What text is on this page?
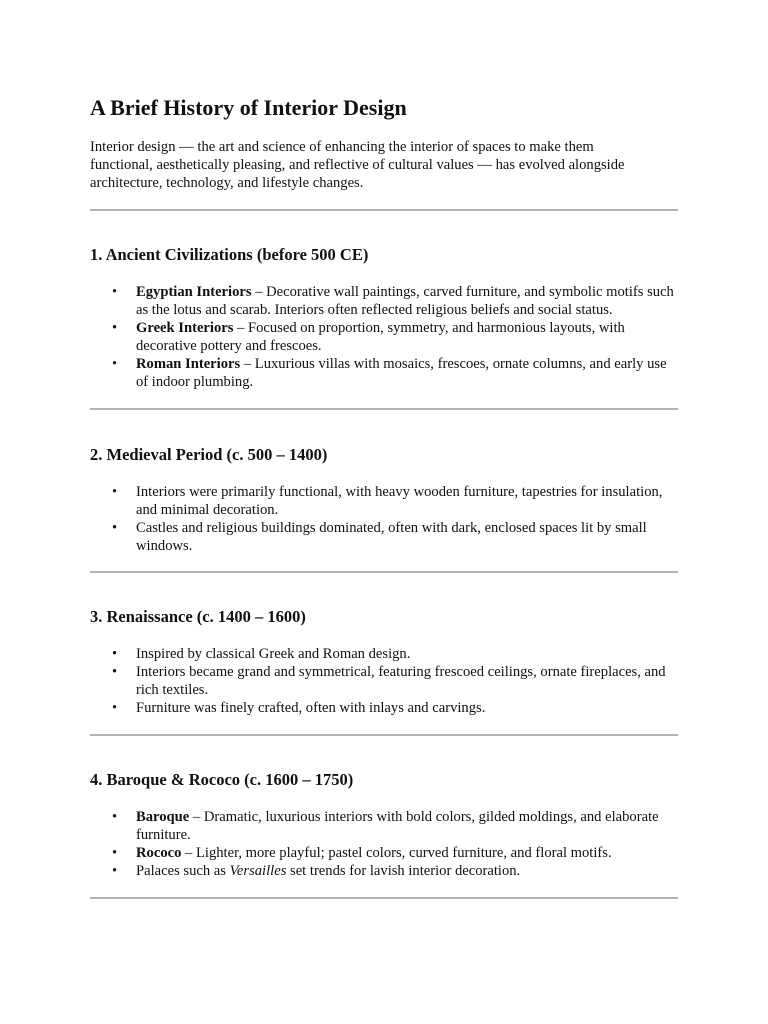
A Brief History of Interior Design

Interior design — the art and science of enhancing the interior of spaces to make them functional, aesthetically pleasing, and reflective of cultural values — has evolved alongside architecture, technology, and lifestyle changes.

1. Ancient Civilizations (before 500 CE)
• Egyptian Interiors – Decorative wall paintings, carved furniture, and symbolic motifs such as the lotus and scarab. Interiors often reflected religious beliefs and social status.
• Greek Interiors – Focused on proportion, symmetry, and harmonious layouts, with decorative pottery and frescoes.
• Roman Interiors – Luxurious villas with mosaics, frescoes, ornate columns, and early use of indoor plumbing.
2. Medieval Period (c. 500 – 1400)
• Interiors were primarily functional, with heavy wooden furniture, tapestries for insulation, and minimal decoration.
• Castles and religious buildings dominated, often with dark, enclosed spaces lit by small windows.
3. Renaissance (c. 1400 – 1600)
• Inspired by classical Greek and Roman design.
• Interiors became grand and symmetrical, featuring frescoed ceilings, ornate fireplaces, and rich textiles.
• Furniture was finely crafted, often with inlays and carvings.
4. Baroque & Rococo (c. 1600 – 1750)
• Baroque – Dramatic, luxurious interiors with bold colors, gilded moldings, and elaborate furniture.
• Rococo – Lighter, more playful; pastel colors, curved furniture, and floral motifs.
• Palaces such as Versailles set trends for lavish interior decoration.
